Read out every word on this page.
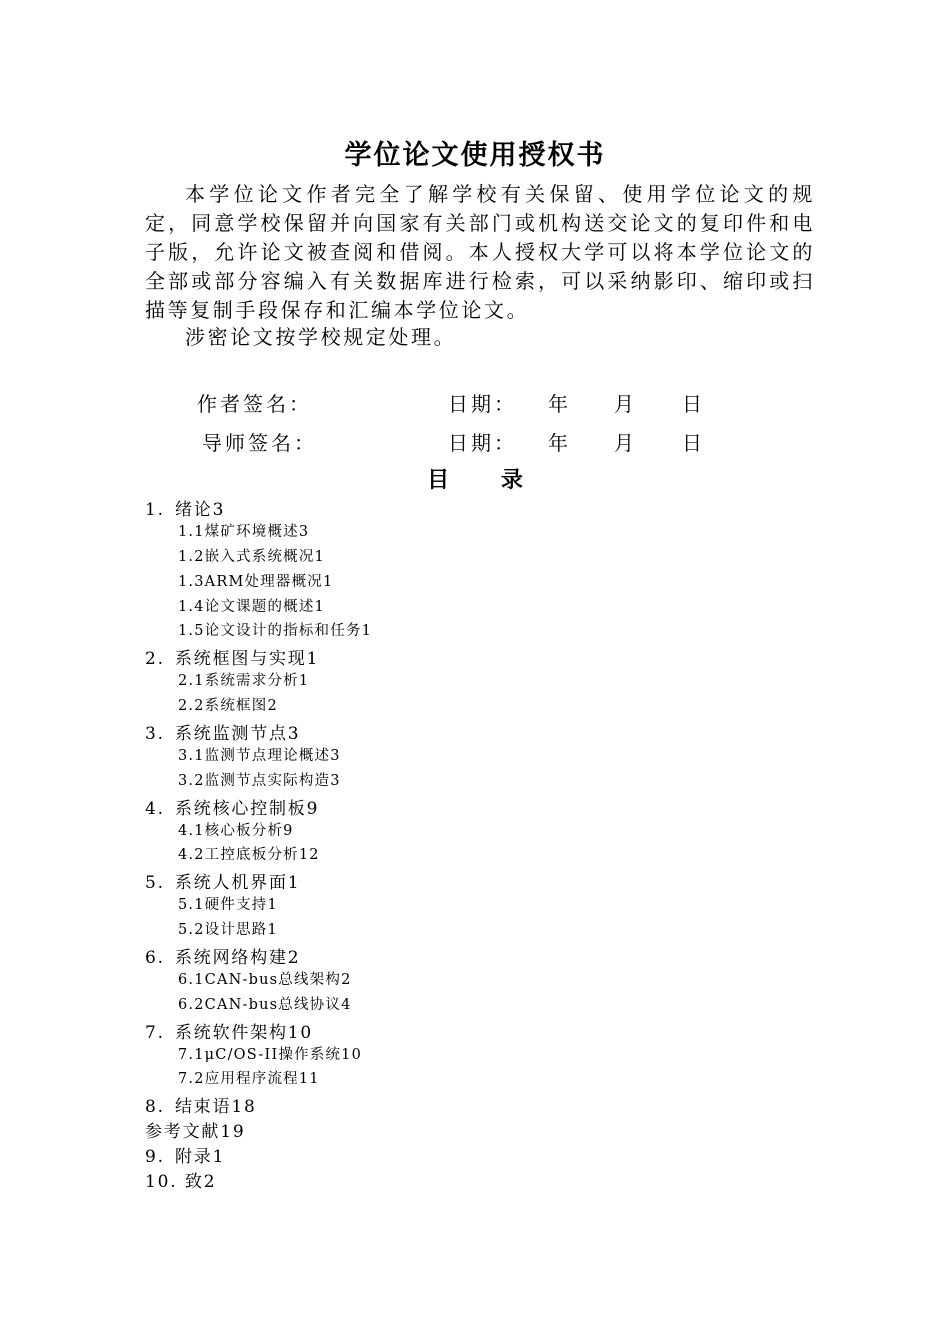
学位论文使用授权书
本学位论文作者完全了解学校有关保留、使用学位论文的规定，同意学校保留并向国家有关部门或机构送交论文的复印件和电子版，允许论文被查阅和借阅。本人授权大学可以将本学位论文的全部或部分容编入有关数据库进行检索，可以采纳影印、缩印或扫描等复制手段保存和汇编本学位论文。
涉密论文按学校规定处理。
作者签名：	日期： 年 月 日
导师签名：	日期： 年 月 日
目 录
1. 绪论3
1.1煤矿环境概述3
1.2嵌入式系统概况1
1.3ARM处理器概况1
1.4论文课题的概述1
1.5论文设计的指标和任务1
2. 系统框图与实现1
2.1系统需求分析1
2.2系统框图2
3. 系统监测节点3
3.1监测节点理论概述3
3.2监测节点实际构造3
4. 系统核心控制板9
4.1核心板分析9
4.2工控底板分析12
5. 系统人机界面1
5.1硬件支持1
5.2设计思路1
6. 系统网络构建2
6.1CAN-bus总线架构2
6.2CAN-bus总线协议4
7. 系统软件架构10
7.1μC/OS-II操作系统10
7.2应用程序流程11
8. 结束语18
参考文献19
9. 附录1
10. 致2
